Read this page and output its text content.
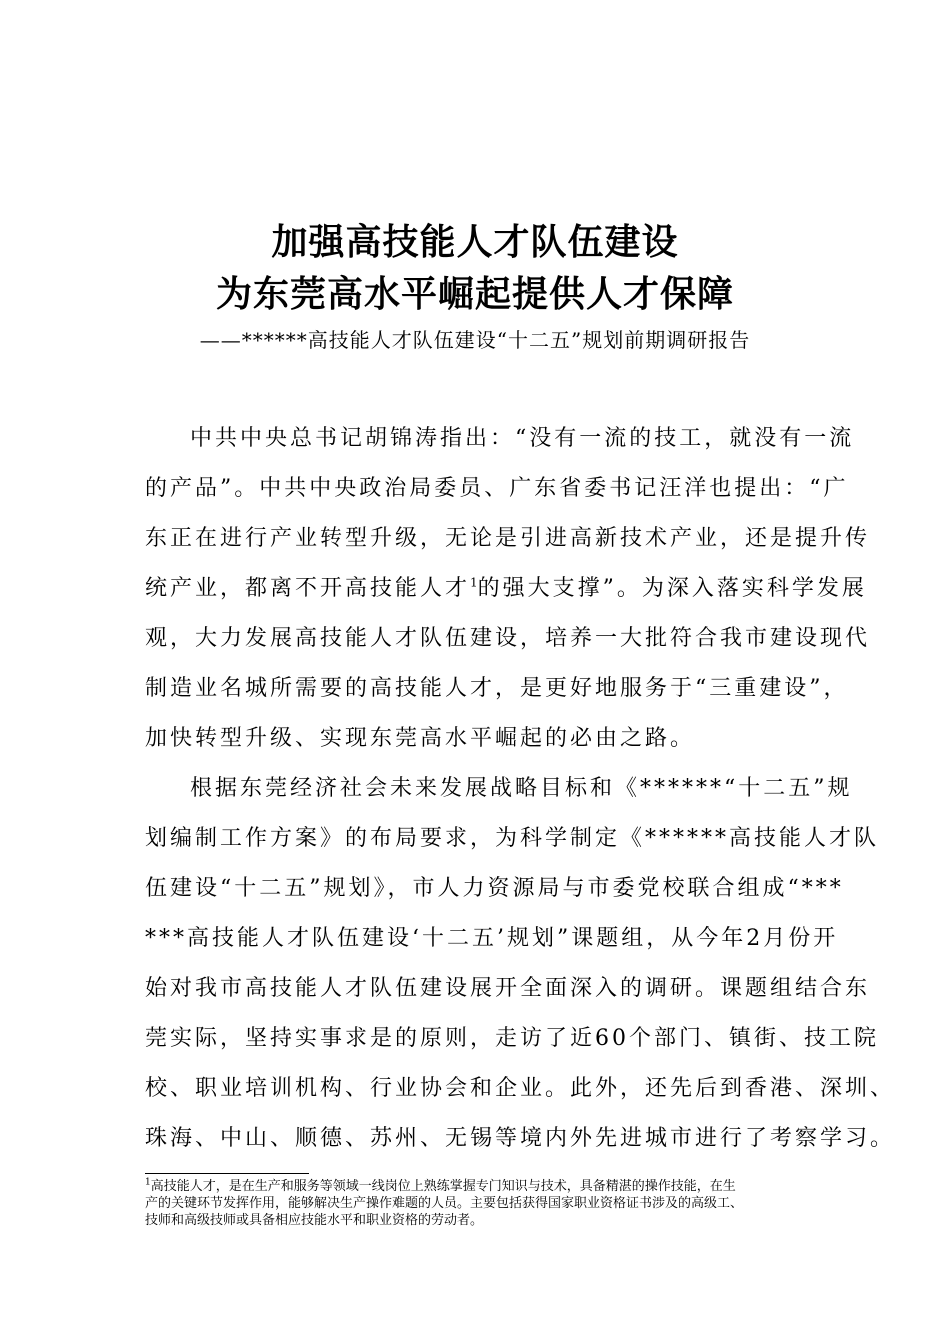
加强高技能人才队伍建设
为东莞高水平崛起提供人才保障
——******高技能人才队伍建设“十二五”规划前期调研报告
中共中央总书记胡锦涛指出：“没有一流的技工，就没有一流
的产品”。中共中央政治局委员、广东省委书记汪洋也提出：“广
东正在进行产业转型升级，无论是引进高新技术产业，还是提升传
统产业，都离不开高技能人才$^1$的强大支撑”。为深入落实科学发展
观，大力发展高技能人才队伍建设，培养一大批符合我市建设现代
制造业名城所需要的高技能人才，是更好地服务于“三重建设”，
加快转型升级、实现东莞高水平崛起的必由之路。
根据东莞经济社会未来发展战略目标和《******“十二五”规
划编制工作方案》的布局要求，为科学制定《******高技能人才队
伍建设“十二五”规划》，市人力资源局与市委党校联合组成“***
***高技能人才队伍建设‘十二五’规划”课题组，从今年2月份开
始对我市高技能人才队伍建设展开全面深入的调研。课题组结合东
莞实际，坚持实事求是的原则，走访了近60个部门、镇街、技工院
校、职业培训机构、行业协会和企业。此外，还先后到香港、深圳、
珠海、中山、顺德、苏州、无锡等境内外先进城市进行了考察学习。
$^1$高技能人才，是在生产和服务等领域一线岗位上熟练掌握专门知识与技术，具备精湛的操作技能，在生
产的关键环节发挥作用，能够解决生产操作难题的人员。主要包括获得国家职业资格证书涉及的高级工、
技师和高级技师或具备相应技能水平和职业资格的劳动者。
